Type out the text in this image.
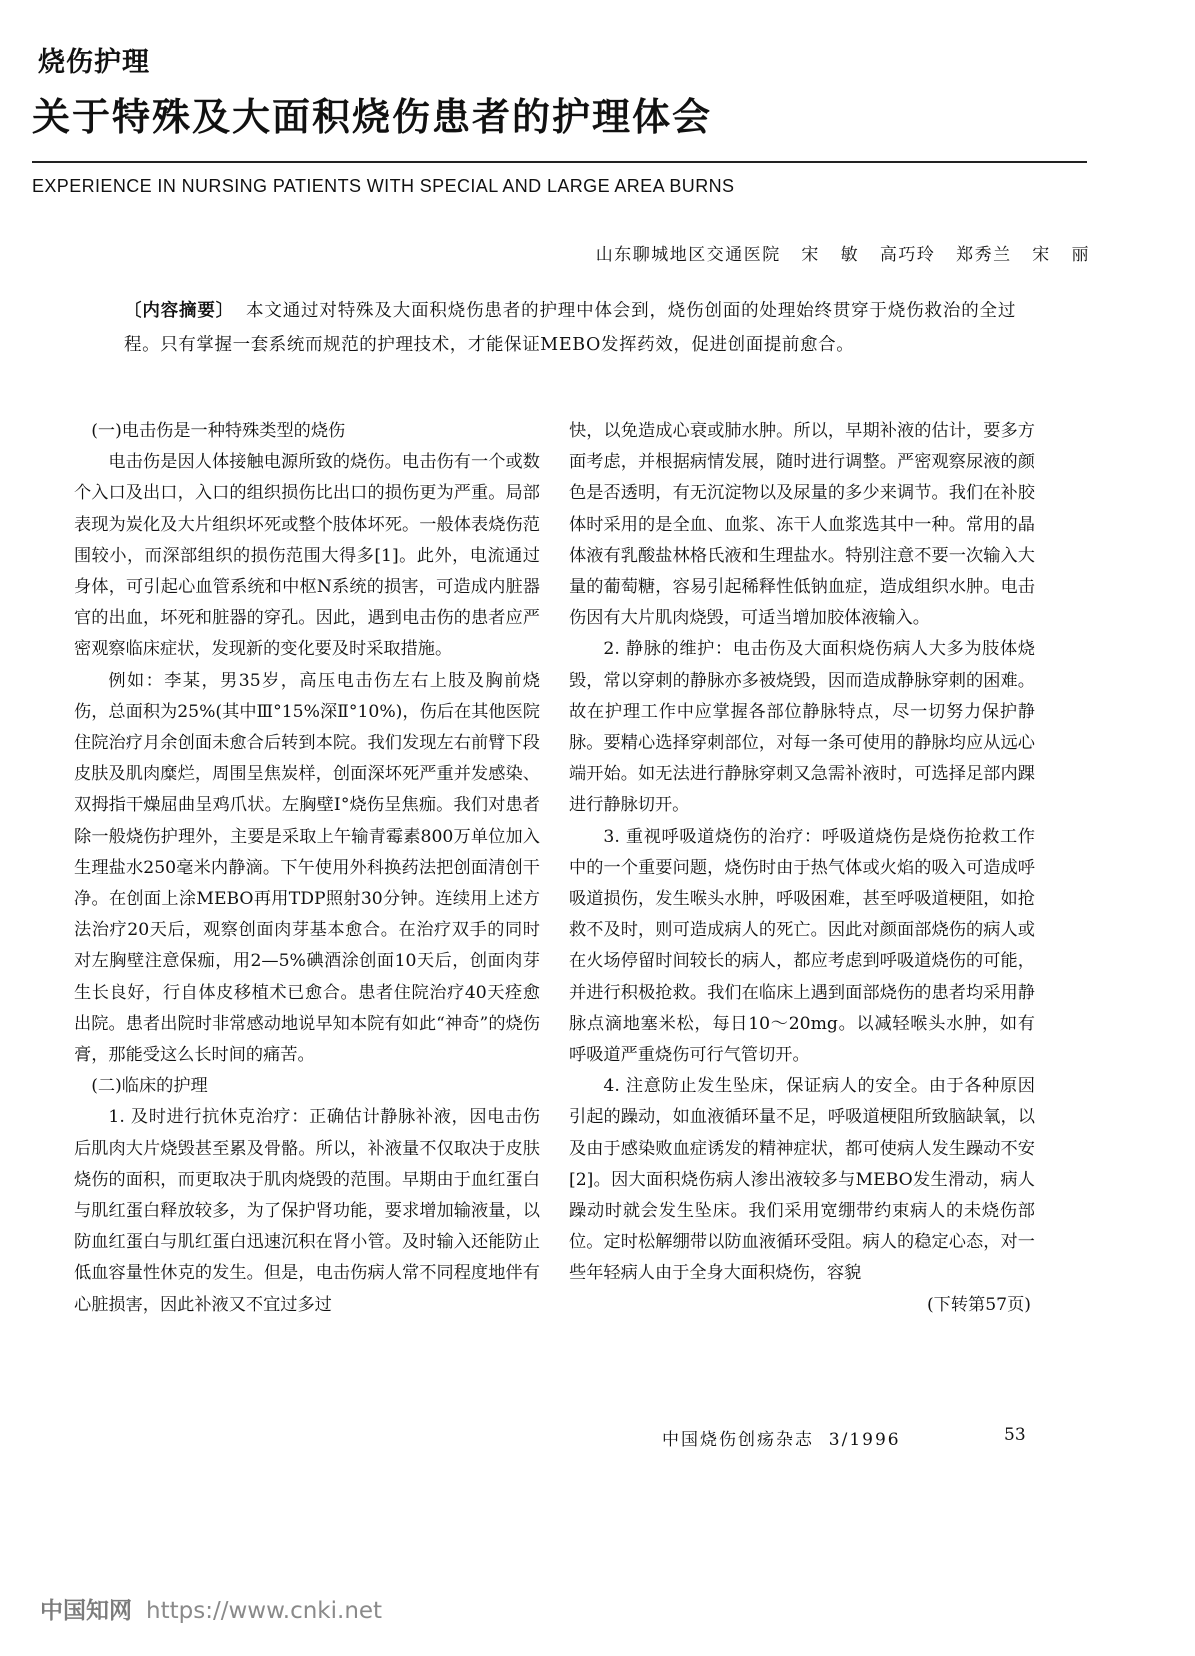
烧伤护理
关于特殊及大面积烧伤患者的护理体会
EXPERIENCE IN NURSING PATIENTS WITH SPECIAL AND LARGE AREA BURNS
山东聊城地区交通医院   宋   敏   高巧玲   郑秀兰   宋   丽
〔内容摘要〕 本文通过对特殊及大面积烧伤患者的护理中体会到，烧伤创面的处理始终贯穿于烧伤救治的全过程。只有掌握一套系统而规范的护理技术，才能保证MEBO发挥药效，促进创面提前愈合。

(一)电击伤是一种特殊类型的烧伤

电击伤是因人体接触电源所致的烧伤。电击伤有一个或数个入口及出口，入口的组织损伤比出口的损伤更为严重。局部表现为炭化及大片组织坏死或整个肢体坏死。一般体表烧伤范围较小，而深部组织的损伤范围大得多[1]。此外，电流通过身体，可引起心血管系统和中枢N系统的损害，可造成内脏器官的出血，坏死和脏器的穿孔。因此，遇到电击伤的患者应严密观察临床症状，发现新的变化要及时采取措施。

例如：李某，男35岁，高压电击伤左右上肢及胸前烧伤，总面积为25%(其中Ⅲ°15%深Ⅱ°10%)，伤后在其他医院住院治疗月余创面未愈合后转到本院。我们发现左右前臂下段皮肤及肌肉糜烂，周围呈焦炭样，创面深坏死严重并发感染、双拇指干燥屈曲呈鸡爪状。左胸壁Ⅰ°烧伤呈焦痂。我们对患者除一般烧伤护理外，主要是采取上午输青霉素800万单位加入生理盐水250毫米内静滴。下午使用外科换药法把创面清创干净。在创面上涂MEBO再用TDP照射30分钟。连续用上述方法治疗20天后，观察创面肉芽基本愈合。在治疗双手的同时对左胸壁注意保痂，用2—5%碘酒涂创面10天后，创面肉芽生长良好，行自体皮移植术已愈合。患者住院治疗40天痊愈出院。患者出院时非常感动地说早知本院有如此“神奇”的烧伤膏，那能受这么长时间的痛苦。

(二)临床的护理

1. 及时进行抗休克治疗：正确估计静脉补液，因电击伤后肌肉大片烧毁甚至累及骨骼。所以，补液量不仅取决于皮肤烧伤的面积，而更取决于肌肉烧毁的范围。早期由于血红蛋白与肌红蛋白释放较多，为了保护肾功能，要求增加输液量，以防血红蛋白与肌红蛋白迅速沉积在肾小管。及时输入还能防止低血容量性休克的发生。但是，电击伤病人常不同程度地伴有心脏损害，因此补液又不宜过多过

快，以免造成心衰或肺水肿。所以，早期补液的估计，要多方面考虑，并根据病情发展，随时进行调整。严密观察尿液的颜色是否透明，有无沉淀物以及尿量的多少来调节。我们在补胶体时采用的是全血、血浆、冻干人血浆选其中一种。常用的晶体液有乳酸盐林格氏液和生理盐水。特别注意不要一次输入大量的葡萄糖，容易引起稀释性低钠血症，造成组织水肿。电击伤因有大片肌肉烧毁，可适当增加胶体液输入。

2. 静脉的维护：电击伤及大面积烧伤病人大多为肢体烧毁，常以穿刺的静脉亦多被烧毁，因而造成静脉穿刺的困难。故在护理工作中应掌握各部位静脉特点，尽一切努力保护静脉。要精心选择穿刺部位，对每一条可使用的静脉均应从远心端开始。如无法进行静脉穿刺又急需补液时，可选择足部内踝进行静脉切开。

3. 重视呼吸道烧伤的治疗：呼吸道烧伤是烧伤抢救工作中的一个重要问题，烧伤时由于热气体或火焰的吸入可造成呼吸道损伤，发生喉头水肿，呼吸困难，甚至呼吸道梗阻，如抢救不及时，则可造成病人的死亡。因此对颜面部烧伤的病人或在火场停留时间较长的病人，都应考虑到呼吸道烧伤的可能，并进行积极抢救。我们在临床上遇到面部烧伤的患者均采用静脉点滴地塞米松，每日10～20mg。以减轻喉头水肿，如有呼吸道严重烧伤可行气管切开。

4. 注意防止发生坠床，保证病人的安全。由于各种原因引起的躁动，如血液循环量不足，呼吸道梗阻所致脑缺氧，以及由于感染败血症诱发的精神症状，都可使病人发生躁动不安[2]。因大面积烧伤病人渗出液较多与MEBO发生滑动，病人躁动时就会发生坠床。我们采用宽绷带约束病人的未烧伤部位。定时松解绷带以防血液循环受阻。病人的稳定心态，对一些年轻病人由于全身大面积烧伤，容貌

(下转第57页)

中国烧伤创疡杂志  3/1996	53
中国知网 https://www.cnki.net
